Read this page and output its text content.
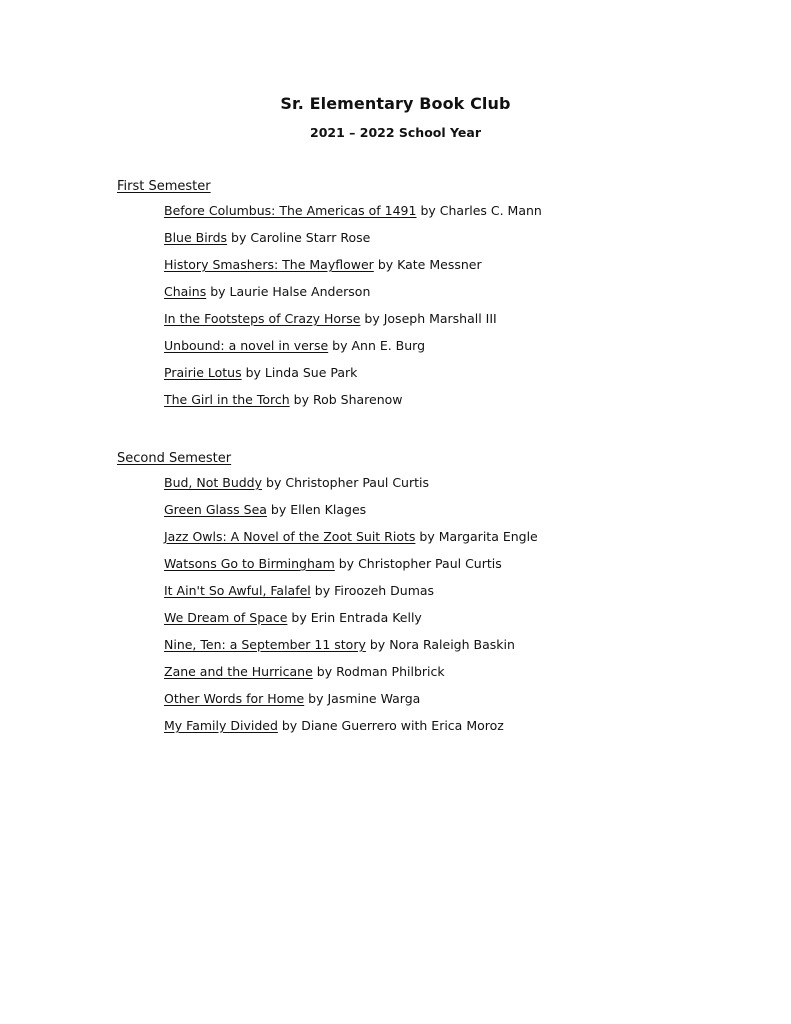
Sr. Elementary Book Club
2021 – 2022 School Year
First Semester
Before Columbus: The Americas of 1491 by Charles C. Mann
Blue Birds by Caroline Starr Rose
History Smashers: The Mayflower by Kate Messner
Chains by Laurie Halse Anderson
In the Footsteps of Crazy Horse by Joseph Marshall III
Unbound: a novel in verse by Ann E. Burg
Prairie Lotus by Linda Sue Park
The Girl in the Torch by Rob Sharenow
Second Semester
Bud, Not Buddy by Christopher Paul Curtis
Green Glass Sea by Ellen Klages
Jazz Owls: A Novel of the Zoot Suit Riots by Margarita Engle
Watsons Go to Birmingham by Christopher Paul Curtis
It Ain't So Awful, Falafel by Firoozeh Dumas
We Dream of Space by Erin Entrada Kelly
Nine, Ten: a September 11 story by Nora Raleigh Baskin
Zane and the Hurricane by Rodman Philbrick
Other Words for Home by Jasmine Warga
My Family Divided by Diane Guerrero with Erica Moroz
